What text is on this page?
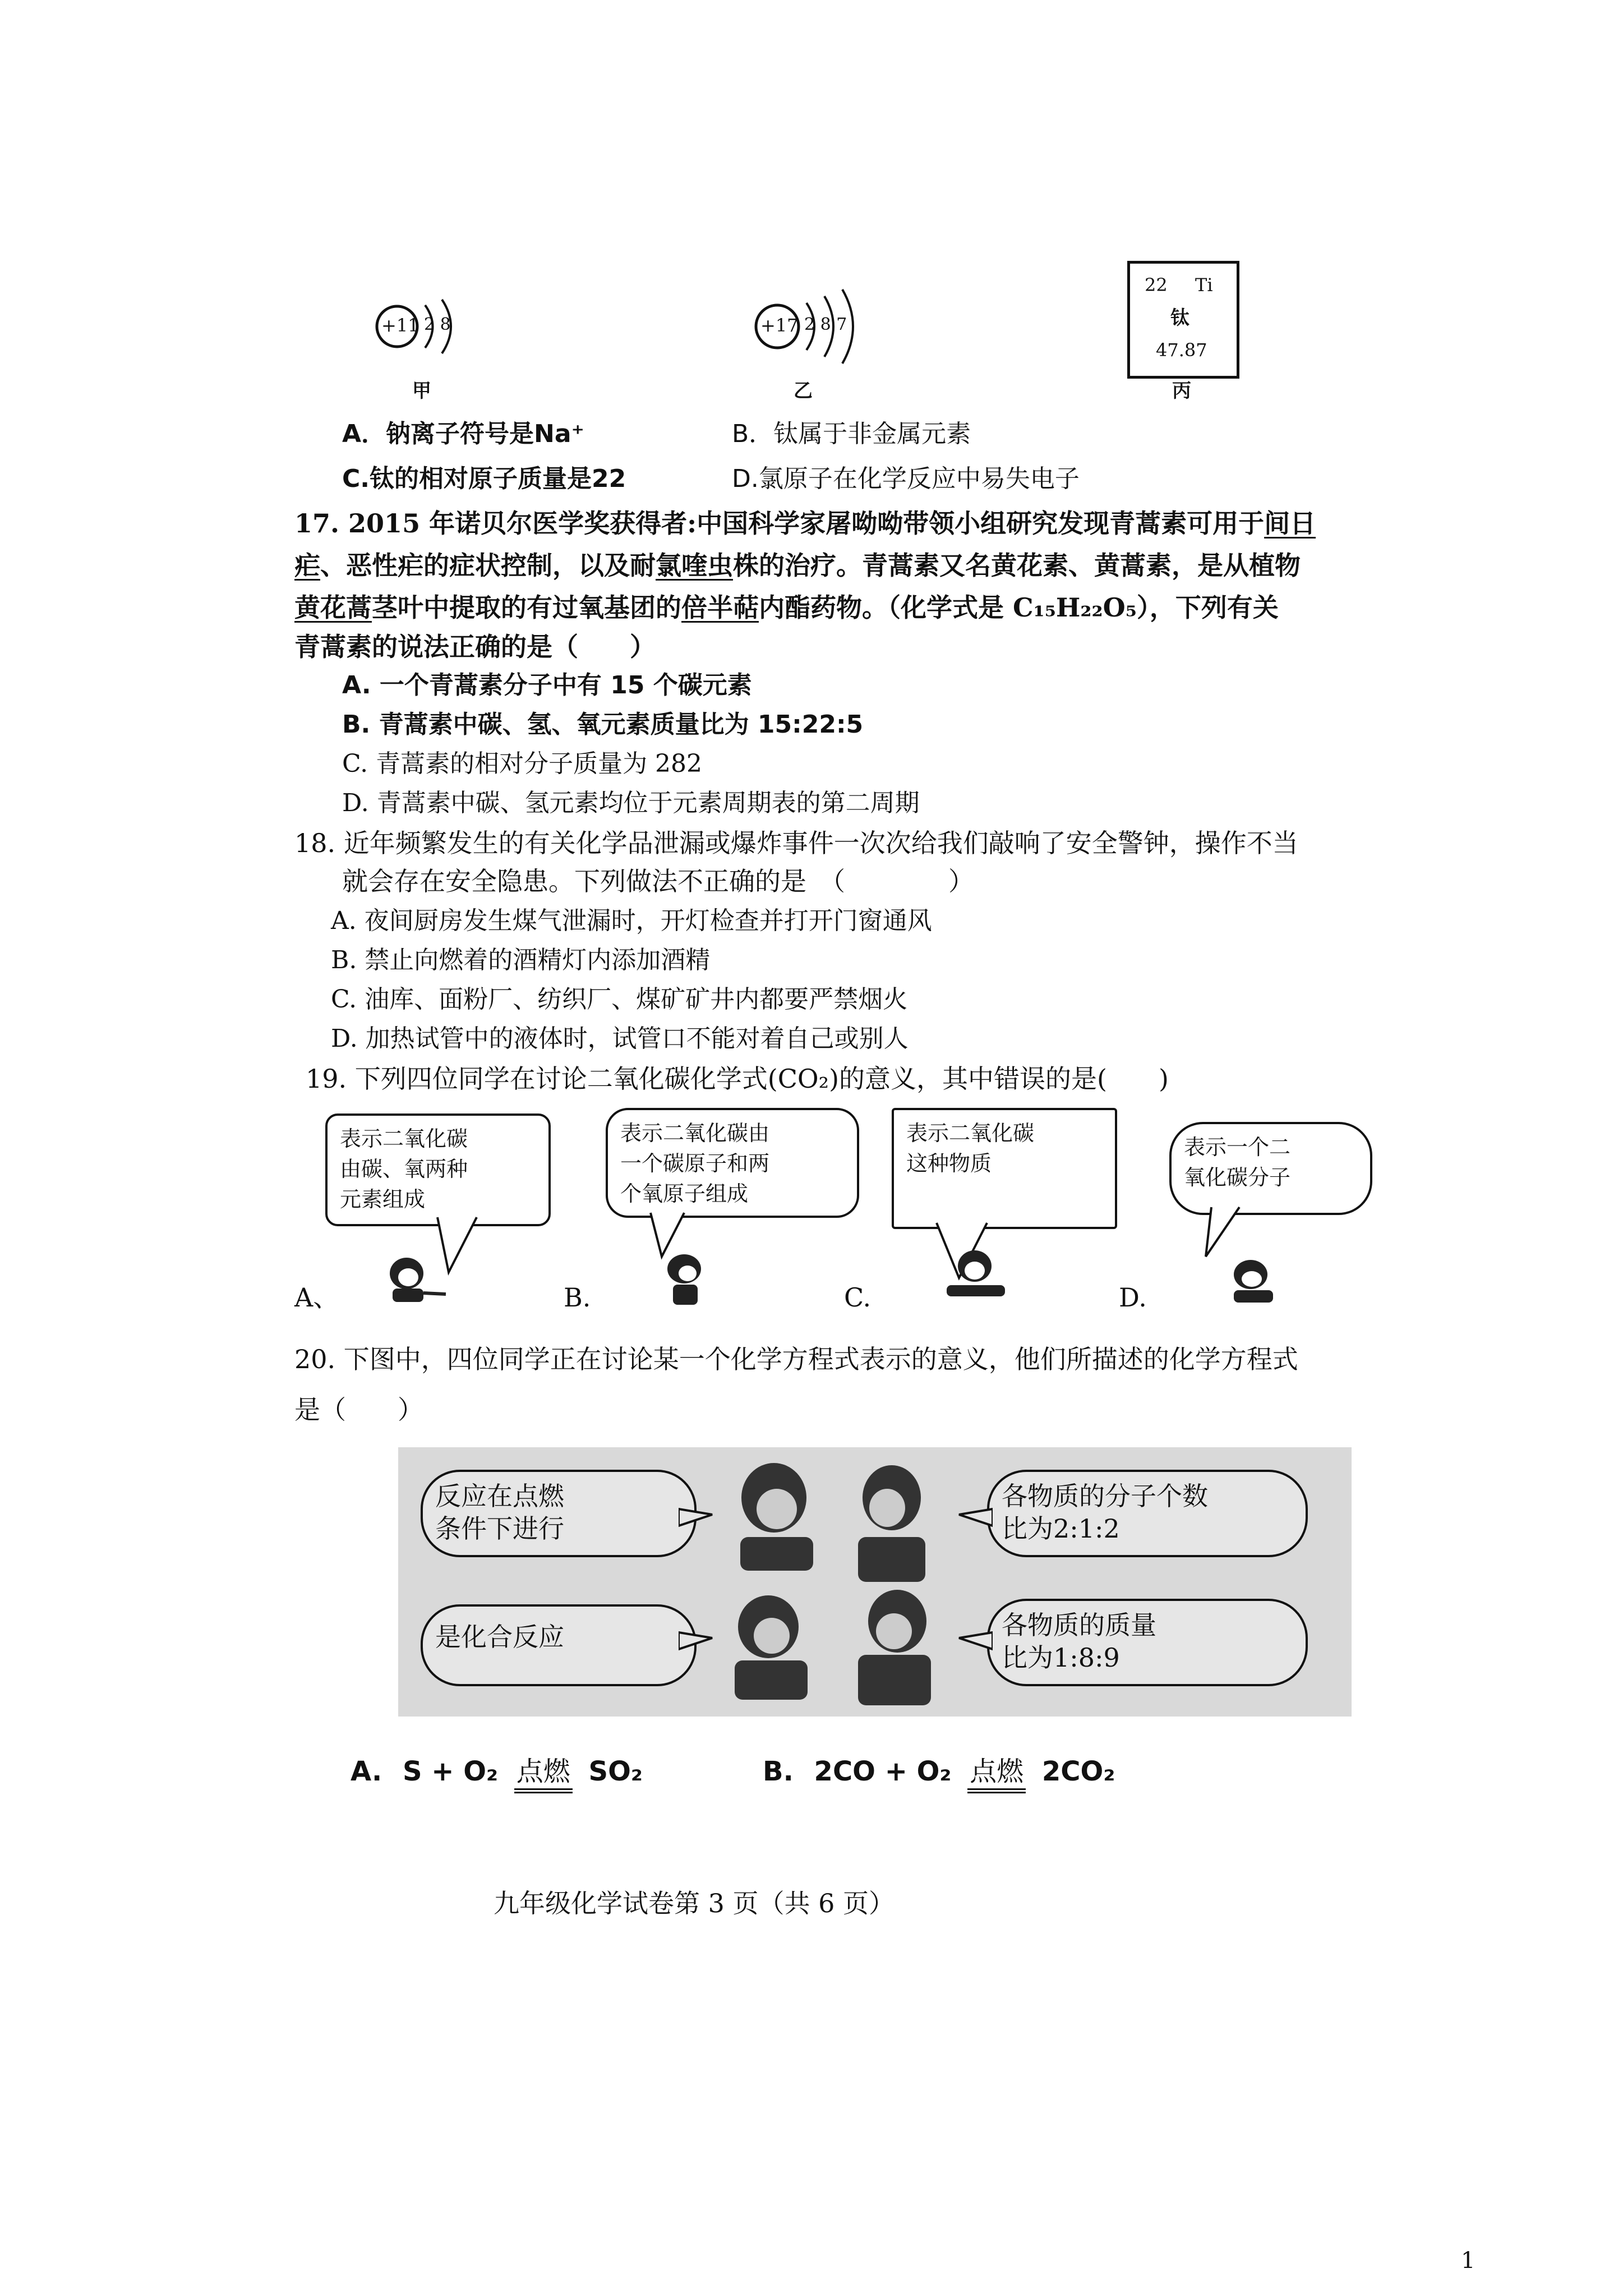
+11 2 8
甲
+17 2 8 7
乙
22 Ti
钛
47.87
丙
A．钠离子符号是Na⁺	B．钛属于非金属元素
C.钛的相对原子质量是22	D.氯原子在化学反应中易失电子
17. 2015 年诺贝尔医学奖获得者:中国科学家屠呦呦带领小组研究发现青蒿素可用于间日
疟、恶性疟的症状控制，以及耐氯喹虫株的治疗。青蒿素又名黄花素、黄蒿素，是从植物
黄花蒿茎叶中提取的有过氧基团的倍半萜内酯药物。（化学式是 C₁₅H₂₂O₅），下列有关
青蒿素的说法正确的是（　　）
A. 一个青蒿素分子中有 15 个碳元素
B. 青蒿素中碳、氢、氧元素质量比为 15:22:5
C. 青蒿素的相对分子质量为 282
D. 青蒿素中碳、氢元素均位于元素周期表的第二周期
18. 近年频繁发生的有关化学品泄漏或爆炸事件一次次给我们敲响了安全警钟，操作不当
就会存在安全隐患。下列做法不正确的是　（　　　　）
A. 夜间厨房发生煤气泄漏时，开灯检查并打开门窗通风
B. 禁止向燃着的酒精灯内添加酒精
C. 油库、面粉厂、纺织厂、煤矿矿井内都要严禁烟火
D. 加热试管中的液体时，试管口不能对着自己或别人
19. 下列四位同学在讨论二氧化碳化学式(CO₂)的意义，其中错误的是(　　)
表示二氧化碳
由碳、氧两种
元素组成
表示二氧化碳由
一个碳原子和两
个氧原子组成
表示二氧化碳
这种物质
表示一个二
氧化碳分子
A、	B.	C.	D.
20. 下图中，四位同学正在讨论某一个化学方程式表示的意义，他们所描述的化学方程式
是（　　）
反应在点燃
条件下进行
各物质的分子个数
比为2:1:2
是化合反应	各物质的质量
比为1:8:9
A. S + O₂ 点燃 SO₂	B. 2CO + O₂ 点燃 2CO₂
九年级化学试卷第 3 页（共 6 页）
1
